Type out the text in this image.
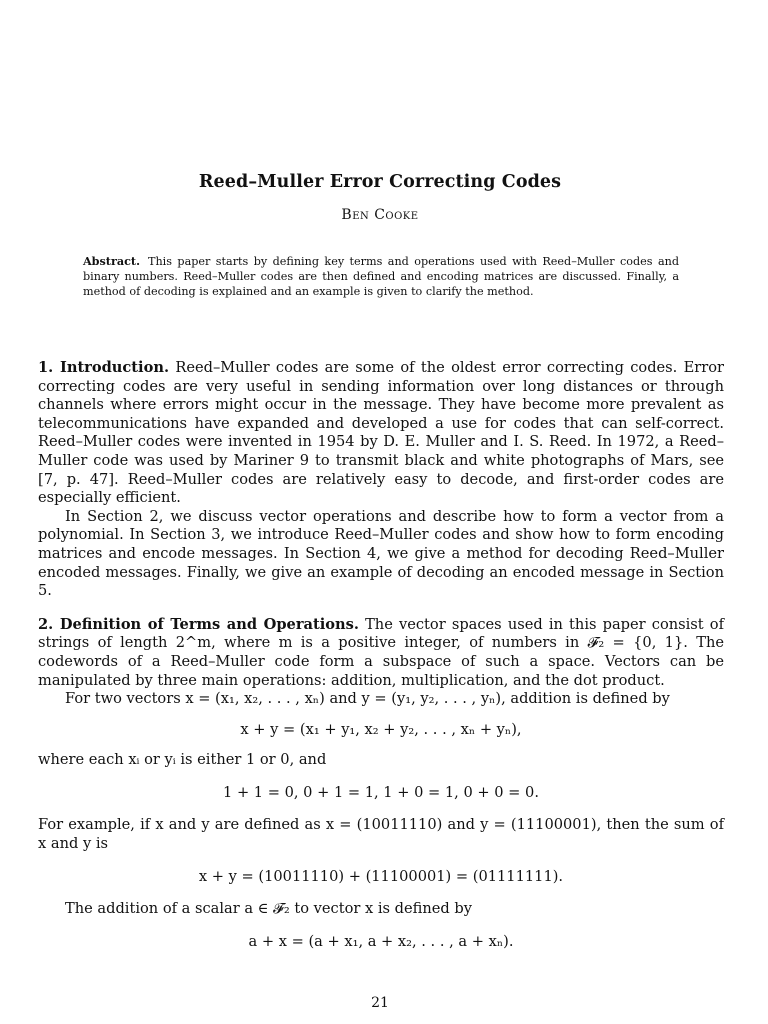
Reed–Muller Error Correcting Codes
Ben Cooke
Abstract. This paper starts by defining key terms and operations used with Reed–Muller codes and binary numbers. Reed–Muller codes are then defined and encoding matrices are discussed. Finally, a method of decoding is explained and an example is given to clarify the method.

1. Introduction. Reed–Muller codes are some of the oldest error correcting codes. Error correcting codes are very useful in sending information over long distances or through channels where errors might occur in the message. They have become more prevalent as telecommunications have expanded and developed a use for codes that can self-correct. Reed–Muller codes were invented in 1954 by D. E. Muller and I. S. Reed. In 1972, a Reed–Muller code was used by Mariner 9 to transmit black and white photographs of Mars, see [7, p. 47]. Reed–Muller codes are relatively easy to decode, and first-order codes are especially efficient.

In Section 2, we discuss vector operations and describe how to form a vector from a polynomial. In Section 3, we introduce Reed–Muller codes and show how to form encoding matrices and encode messages. In Section 4, we give a method for decoding Reed–Muller encoded messages. Finally, we give an example of decoding an encoded message in Section 5.

2. Definition of Terms and Operations. The vector spaces used in this paper consist of strings of length 2^m, where m is a positive integer, of numbers in 𝓕₂ = {0, 1}. The codewords of a Reed–Muller code form a subspace of such a space. Vectors can be manipulated by three main operations: addition, multiplication, and the dot product.

For two vectors x = (x₁, x₂, . . . , xₙ) and y = (y₁, y₂, . . . , yₙ), addition is defined by

x + y = (x₁ + y₁, x₂ + y₂, . . . , xₙ + yₙ),

where each xᵢ or yᵢ is either 1 or 0, and

1 + 1 = 0, 0 + 1 = 1, 1 + 0 = 1, 0 + 0 = 0.

For example, if x and y are defined as x = (10011110) and y = (11100001), then the sum of x and y is

x + y = (10011110) + (11100001) = (01111111).

The addition of a scalar a ∈ 𝓕₂ to vector x is defined by

a + x = (a + x₁, a + x₂, . . . , a + xₙ).

21
